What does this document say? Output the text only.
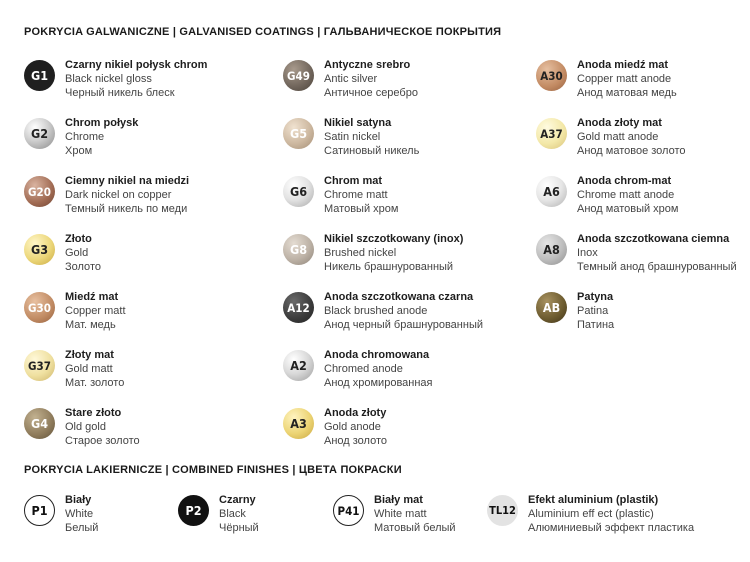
POKRYCIA GALWANICZNE | GALVANISED COATINGS | ГАЛЬВАНИЧЕСКОЕ ПОКРЫТИЯ
POKRYCIA LAKIERNICZE | COMBINED FINISHES | ЦВЕТА ПОКРАСКИ
G1
Czarny nikiel połysk chrom
Black nickel gloss
Черный никель блеск
G2
Chrom połysk
Chrome
Хром
G20
Ciemny nikiel na miedzi
Dark nickel on copper
Темный никель по меди
G3
Złoto
Gold
Золото
G30
Miedź mat
Copper matt
Мат. медь
G37
Złoty mat
Gold matt
Мат. золото
G4
Stare złoto
Old gold
Старое золото
G49
Antyczne srebro
Antic silver
Античное серебро
G5
Nikiel satyna
Satin nickel
Сатиновый никель
G6
Chrom mat
Chrome matt
Матовый хром
G8
Nikiel szczotkowany (inox)
Brushed nickel
Никель брашнурованный
A12
Anoda szczotkowana czarna
Black brushed anode
Анод черный брашнурованный
A2
Anoda chromowana
Chromed anode
Анод хромированная
A3
Anoda złoty
Gold anode
Анод золото
A30
Anoda miedź mat
Copper matt anode
Анод матовая медь
A37
Anoda złoty mat
Gold matt anode
Анод матовое золото
A6
Anoda chrom-mat
Chrome matt anode
Анод матовый хром
A8
Anoda szczotkowana ciemna
Inox
Темный анод брашнурованный
AB
Patyna
Patina
Патина
P1
Biały
White
Белый
P2
Czarny
Black
Чёрный
P41
Biały mat
White matt
Матовый белый
TL12
Efekt aluminium (plastik)
Aluminium eff ect (plastic)
Алюминиевый эффект пластика
